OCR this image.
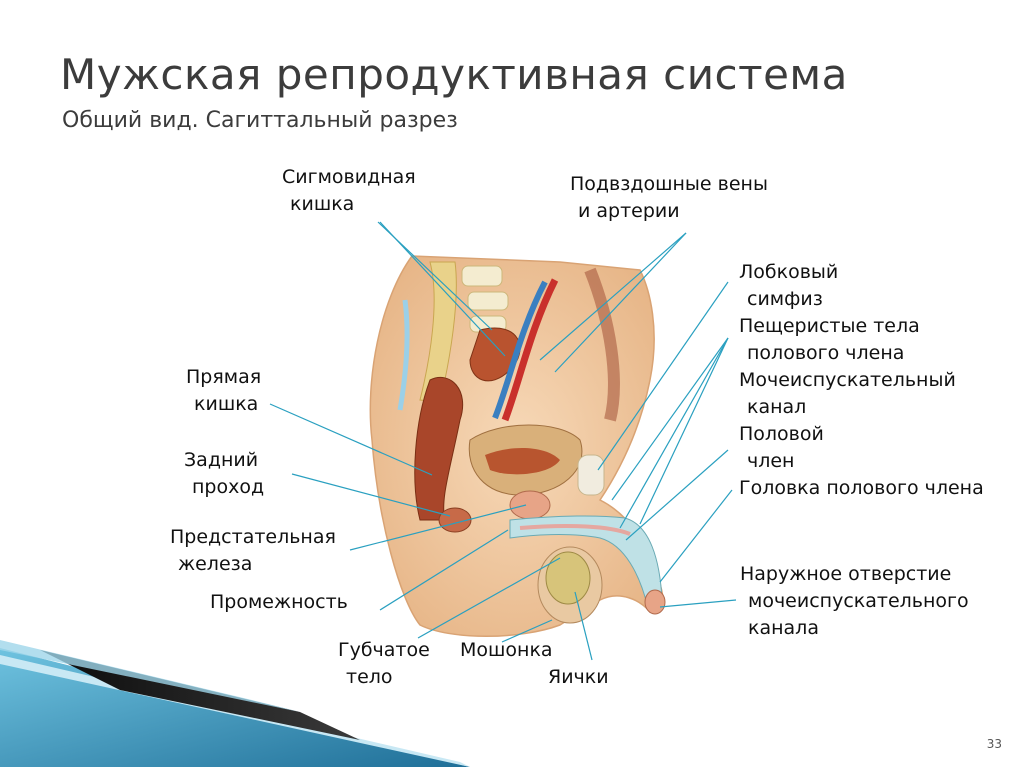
Мужская репродуктивная система
Общий вид. Сагиттальный разрез
Сигмовидная
кишка
Подвздошные вены
и артерии
Лобковый
симфиз
Пещеристые тела
полового члена
Мочеиспускательный
канал
Половой
член
Головка полового члена
Прямая
кишка
Задний
проход
Предстательная
железа
Промежность
Губчатое
тело
Мошонка
Яички
Наружное отверстие
мочеиспускательного
канала
33
